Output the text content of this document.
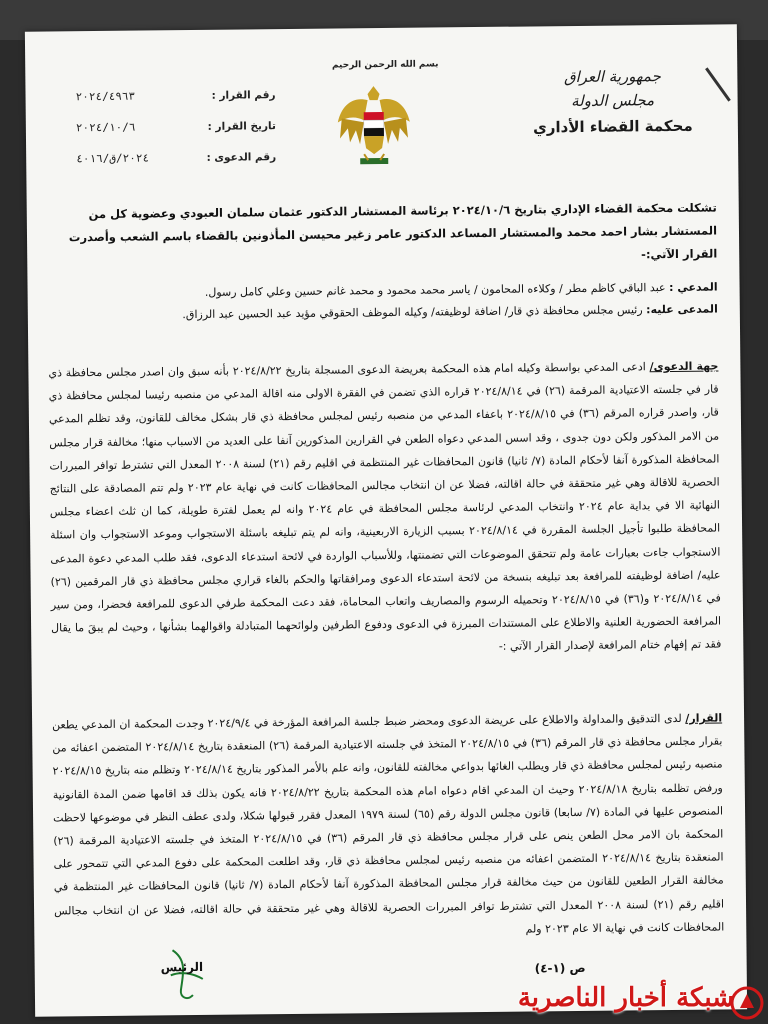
بسم الله الرحمن الرحيم
جمهورية العراق
مجلس الدولة
محكمة القضاء الأداري
رقم القرار :
٢٠٢٤/٤٩٦٣
تاريخ القرار :
٢٠٢٤/١٠/٦
رقم الدعوى :
٢٠٢٤/ق/٤٠١٦
تشكلت محكمة القضاء الإداري بتاريخ ٢٠٢٤/١٠/٦ برئاسة المستشار الدكتور عثمان سلمان العبودي وعضوية كل من المستشار بشار احمد محمد والمستشار المساعد الدكتور عامر زغير محيسن المأذونين بالقضاء باسم الشعب وأصدرت القرار الآتي:-
المدعي : عبد الباقي كاظم مطر / وكلاءه المحامون / ياسر محمد محمود و محمد غانم حسين وعلي كامل رسول.
المدعى عليه: رئيس مجلس محافظة ذي قار/ اضافة لوظيفته/ وكيله الموظف الحقوقي مؤيد عبد الحسين عبد الرزاق.
جهة الدعوى/ ادعى المدعي بواسطة وكيله امام هذه المحكمة بعريضة الدعوى المسجلة بتاريخ ٢٠٢٤/٨/٢٢ بأنه سبق وان اصدر مجلس محافظة ذي قار في جلسته الاعتيادية المرقمة (٢٦) في ٢٠٢٤/٨/١٤ قراره الذي تضمن في الفقرة الاولى منه اقالة المدعي من منصبه رئيسا لمجلس محافظة ذي قار، واصدر قراره المرقم (٣٦) في ٢٠٢٤/٨/١٥ باعفاء المدعي من منصبه رئيس لمجلس محافظة ذي قار بشكل مخالف للقانون، وقد تظلم المدعي من الامر المذكور ولكن دون جدوى ، وقد اسس المدعي دعواه الطعن في القرارين المذكورين آنفا على العديد من الاسباب منها؛ مخالفة قرار مجلس المحافظة المذكورة آنفا لأحكام المادة (٧/ ثانيا) قانون المحافظات غير المنتظمة في اقليم رقم (٢١) لسنة ٢٠٠٨ المعدل التي تشترط توافر المبررات الحصرية للاقالة وهي غير متحققة في حالة اقالته، فضلا عن ان انتخاب مجالس المحافظات كانت في نهاية عام ٢٠٢٣ ولم تتم المصادقة على النتائج النهائية الا في بداية عام ٢٠٢٤ وانتخاب المدعي لرئاسة مجلس المحافظة في عام ٢٠٢٤ وانه لم يعمل لفترة طويلة، كما ان ثلث اعضاء مجلس المحافظة طلبوا تأجيل الجلسة المقررة في ٢٠٢٤/٨/١٤ بسبب الزيارة الاربعينية، وانه لم يتم تبليغه باسئلة الاستجواب وموعد الاستجواب وان اسئلة الاستجواب جاءت بعبارات عامة ولم تتحقق الموضوعات التي تضمنتها، وللأسباب الواردة في لائحة استدعاء الدعوى، فقد طلب المدعي دعوة المدعى عليه/ اضافة لوظيفته للمرافعة بعد تبليغه بنسخة من لائحة استدعاء الدعوى ومرافقاتها والحكم بالغاء قراري مجلس محافظة ذي قار المرقمين (٢٦) في ٢٠٢٤/٨/١٤ و(٣٦) في ٢٠٢٤/٨/١٥ وتحميله الرسوم والمصاريف واتعاب المحاماة، فقد دعت المحكمة طرفي الدعوى للمرافعة فحضرا، ومن سير المرافعة الحضورية العلنية والاطلاع على المستندات المبرزة في الدعوى ودفوع الطرفين ولوائحهما المتبادلة واقوالهما بشأنها ، وحيث لم يبقَ ما يقال فقد تم إفهام ختام المرافعة لإصدار القرار الآتي :-
القرار/ لدى التدقيق والمداولة والاطلاع على عريضة الدعوى ومحضر ضبط جلسة المرافعة المؤرخة في ٢٠٢٤/٩/٤ وجدت المحكمة ان المدعي يطعن بقرار مجلس محافظة ذي قار المرقم (٣٦) في ٢٠٢٤/٨/١٥ المتخذ في جلسته الاعتيادية المرقمة (٢٦) المنعقدة بتاريخ ٢٠٢٤/٨/١٤ المتضمن اعفائه من منصبه رئيس لمجلس محافظة ذي قار ويطلب الغائها بدواعي مخالفته للقانون، وانه علم بالأمر المذكور بتاريخ ٢٠٢٤/٨/١٤ وتظلم منه بتاريخ ٢٠٢٤/٨/١٥ ورفض تظلمه بتاريخ ٢٠٢٤/٨/١٨ وحيث ان المدعي اقام دعواه امام هذه المحكمة بتاريخ ٢٠٢٤/٨/٢٢ فانه يكون بذلك قد اقامها ضمن المدة القانونية المنصوص عليها في المادة (٧/ سابعا) قانون مجلس الدولة رقم (٦٥) لسنة ١٩٧٩ المعدل فقرر قبولها شكلا، ولدى عطف النظر في موضوعها لاحظت المحكمة بان الامر محل الطعن ينص على قرار مجلس محافظة ذي قار المرقم (٣٦) في ٢٠٢٤/٨/١٥ المتخذ في جلسته الاعتيادية المرقمة (٢٦) المنعقدة بتاريخ ٢٠٢٤/٨/١٤ المتضمن اعفائه من منصبه رئيس لمجلس محافظة ذي قار، وقد اطلعت المحكمة على دفوع المدعي التي تتمحور على مخالفة القرار الطعين للقانون من حيث مخالفة قرار مجلس المحافظة المذكورة آنفا لأحكام المادة (٧/ ثانيا) قانون المحافظات غير المنتظمة في اقليم رقم (٢١) لسنة ٢٠٠٨ المعدل التي تشترط توافر المبررات الحصرية للاقالة وهي غير متحققة في حالة اقالته، فضلا عن ان انتخاب مجالس المحافظات كانت في نهاية الا عام ٢٠٢٣ ولم
الرئيس	ص (١-٤)
شبكة أخبار الناصرية
